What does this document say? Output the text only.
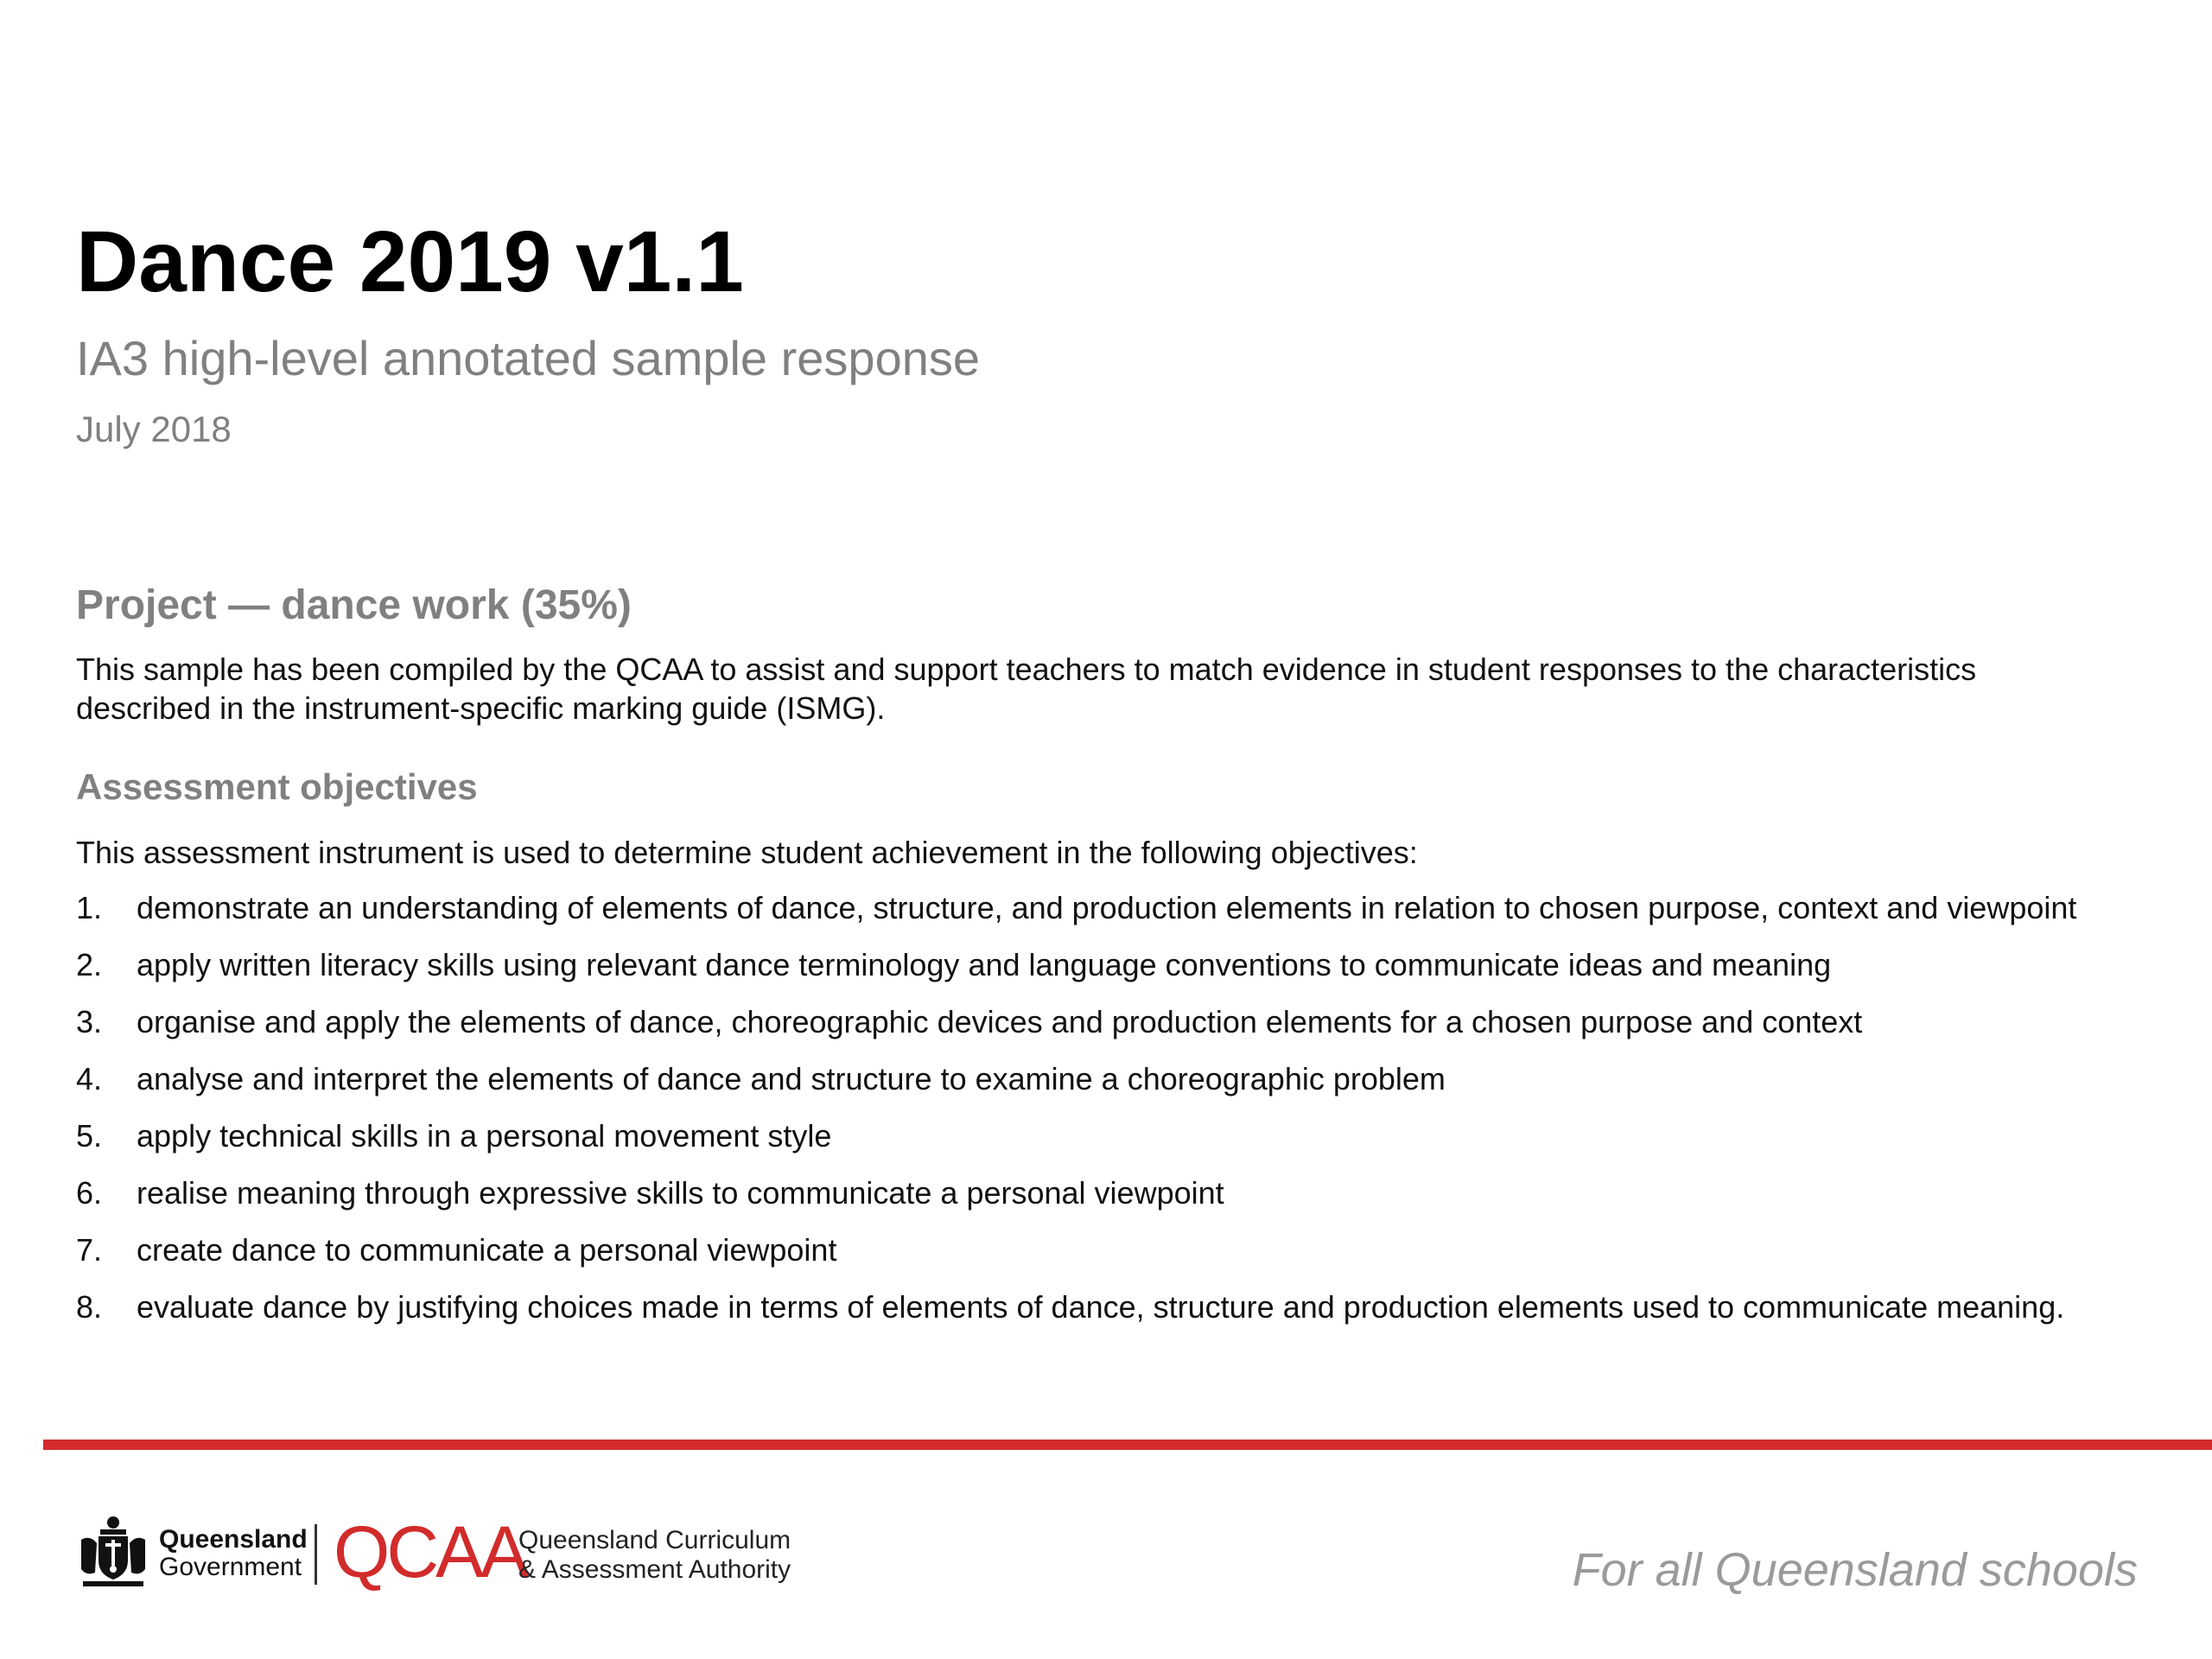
Dance 2019 v1.1

IA3 high-level annotated sample response

July 2018

Project — dance work (35%)

This sample has been compiled by the QCAA to assist and support teachers to match evidence in student responses to the characteristics described in the instrument-specific marking guide (ISMG).

Assessment objectives

This assessment instrument is used to determine student achievement in the following objectives:

1.	demonstrate an understanding of elements of dance, structure, and production elements in relation to chosen purpose, context and viewpoint
2.	apply written literacy skills using relevant dance terminology and language conventions to communicate ideas and meaning
3.	organise and apply the elements of dance, choreographic devices and production elements for a chosen purpose and context
4.	analyse and interpret the elements of dance and structure to examine a choreographic problem
5.	apply technical skills in a personal movement style
6.	realise meaning through expressive skills to communicate a personal viewpoint
7.	create dance to communicate a personal viewpoint
8.	evaluate dance by justifying choices made in terms of elements of dance, structure and production elements used to communicate meaning.
Queensland
Government QCAA
Queensland Curriculum
& Assessment Authority	For all Queensland schools
